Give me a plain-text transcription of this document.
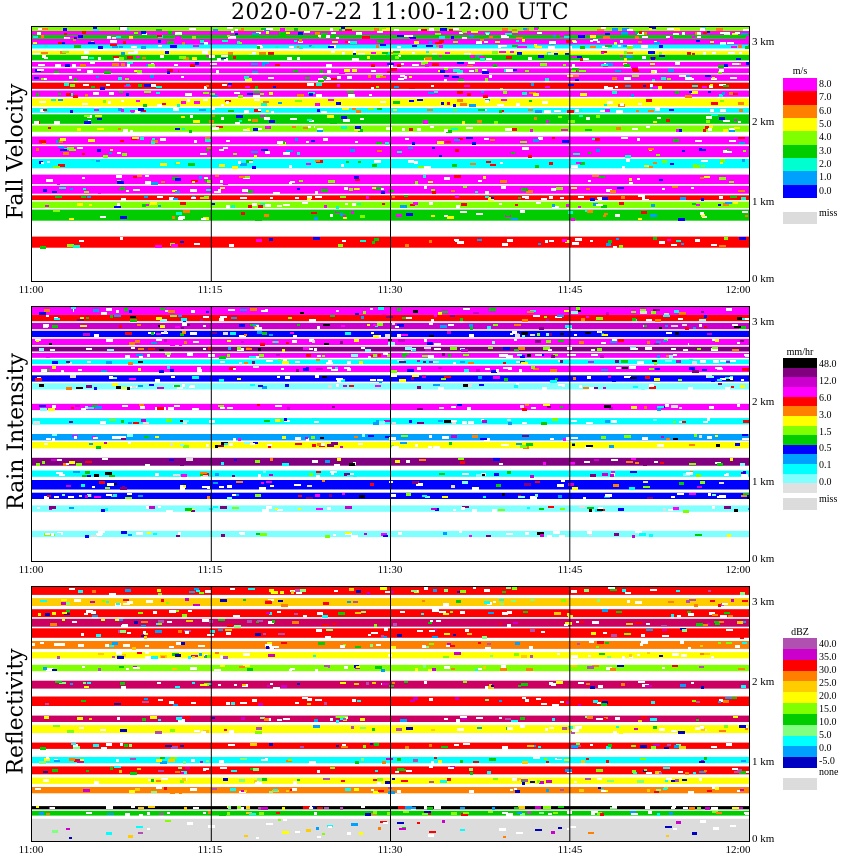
2020-07-22 11:00-12:00 UTC
Fall Velocity
11:00	11:15	11:30	11:45	12:00
0 km
1 km
2 km
3 km
m/s
8.0
7.0
6.0
5.0
4.0
3.0
2.0
1.0
0.0
miss
Rain Intensity
11:00	11:15	11:30	11:45	12:00
0 km
1 km
2 km
3 km
mm/hr
48.0
12.0
6.0
3.0
1.5
0.5
0.1
0.0
miss
Reflectivity
11:00	11:15	11:30	11:45	12:00
0 km
1 km
2 km
3 km
dBZ
40.0
35.0
30.0
25.0
20.0
15.0
10.0
5.0
0.0
-5.0
none
